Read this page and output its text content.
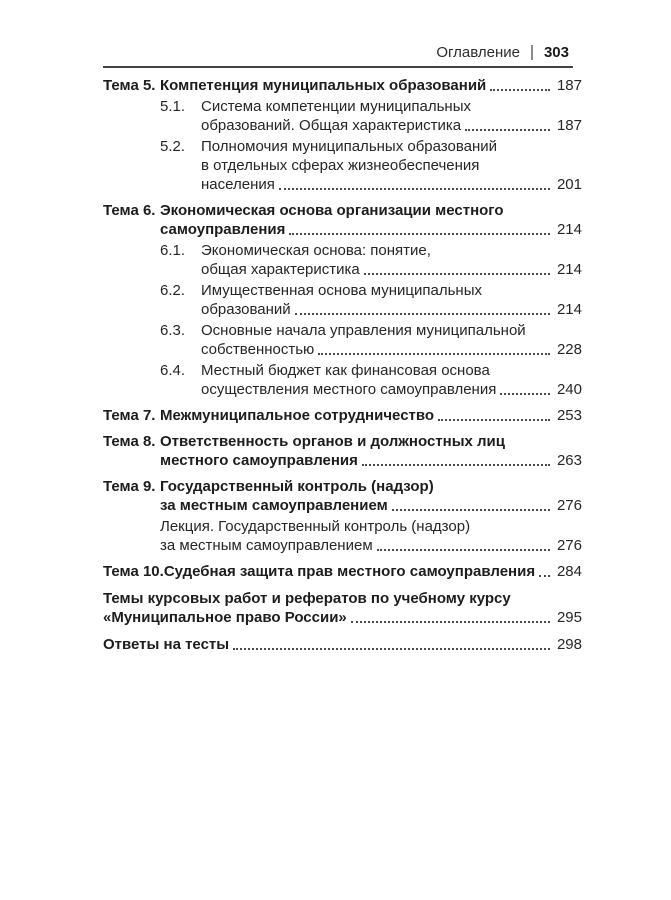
Оглавление 303
Тема 5. Компетенция муниципальных образований	187
5.1.	Система компетенции муниципальных
образований. Общая характеристика	187
5.2.	Полномочия муниципальных образований
в отдельных сферах жизнеобеспечения
населения	201
Тема 6. Экономическая основа организации местного
самоуправления	214
6.1.	Экономическая основа: понятие,
общая характеристика	214
6.2.	Имущественная основа муниципальных
образований	214
6.3.	Основные начала управления муниципальной
собственностью	228
6.4.	Местный бюджет как финансовая основа
осуществления местного самоуправления	240
Тема 7. Межмуниципальное сотрудничество	253
Тема 8. Ответственность органов и должностных лиц
местного самоуправления	263
Тема 9. Государственный контроль (надзор)
за местным самоуправлением	276
Лекция. Государственный контроль (надзор)
за местным самоуправлением	276
Тема 10. Судебная защита прав местного самоуправления 284
Темы курсовых работ и рефератов по учебному курсу
«Муниципальное право России»	295
Ответы на тесты	298
